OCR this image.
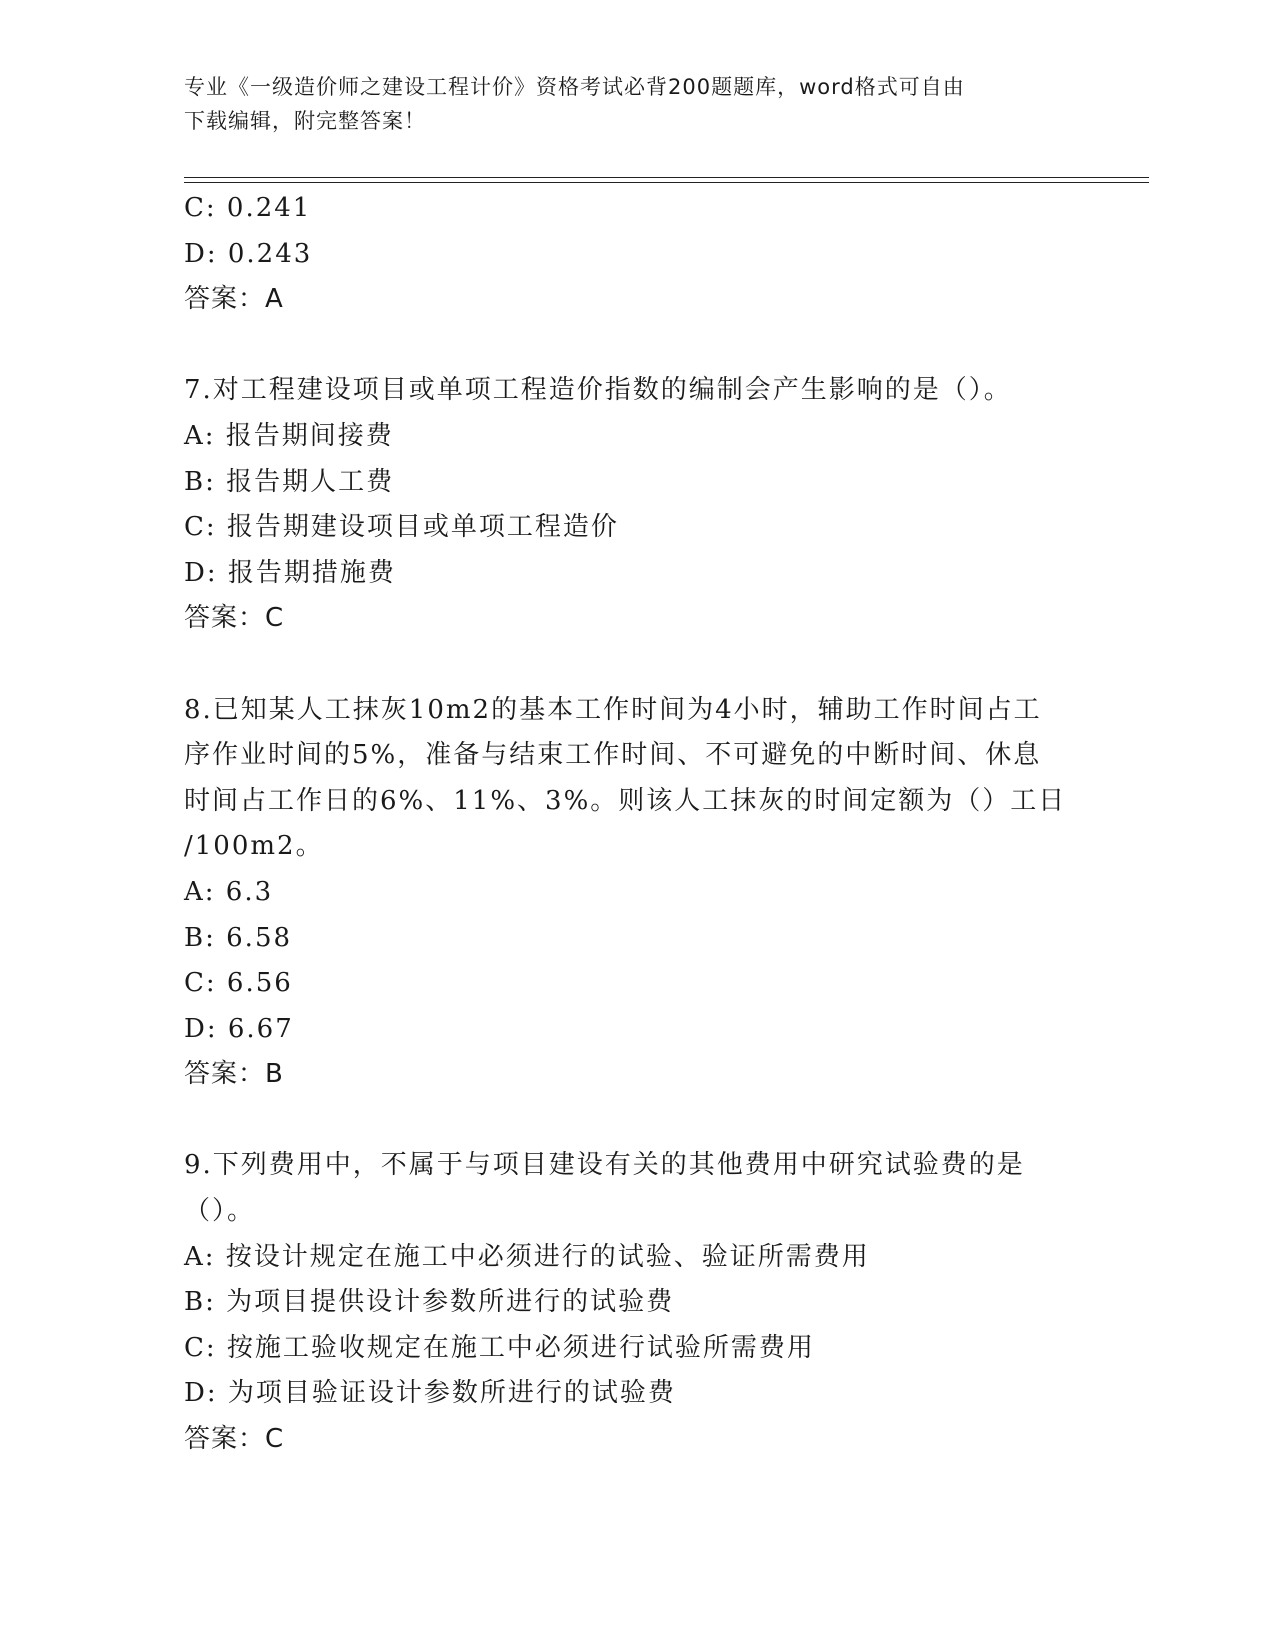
专业《一级造价师之建设工程计价》资格考试必背200题题库，word格式可自由
下载编辑，附完整答案！
C: 0.241
D: 0.243
答案：A
7.对工程建设项目或单项工程造价指数的编制会产生影响的是（）。
A: 报告期间接费
B: 报告期人工费
C: 报告期建设项目或单项工程造价
D: 报告期措施费
答案：C
8.已知某人工抹灰10m2的基本工作时间为4小时，辅助工作时间占工
序作业时间的5%，准备与结束工作时间、不可避免的中断时间、休息
时间占工作日的6%、11%、3%。则该人工抹灰的时间定额为（）工日
/100m2。
A: 6.3
B: 6.58
C: 6.56
D: 6.67
答案：B
9.下列费用中，不属于与项目建设有关的其他费用中研究试验费的是
（）。
A: 按设计规定在施工中必须进行的试验、验证所需费用
B: 为项目提供设计参数所进行的试验费
C: 按施工验收规定在施工中必须进行试验所需费用
D: 为项目验证设计参数所进行的试验费
答案：C
